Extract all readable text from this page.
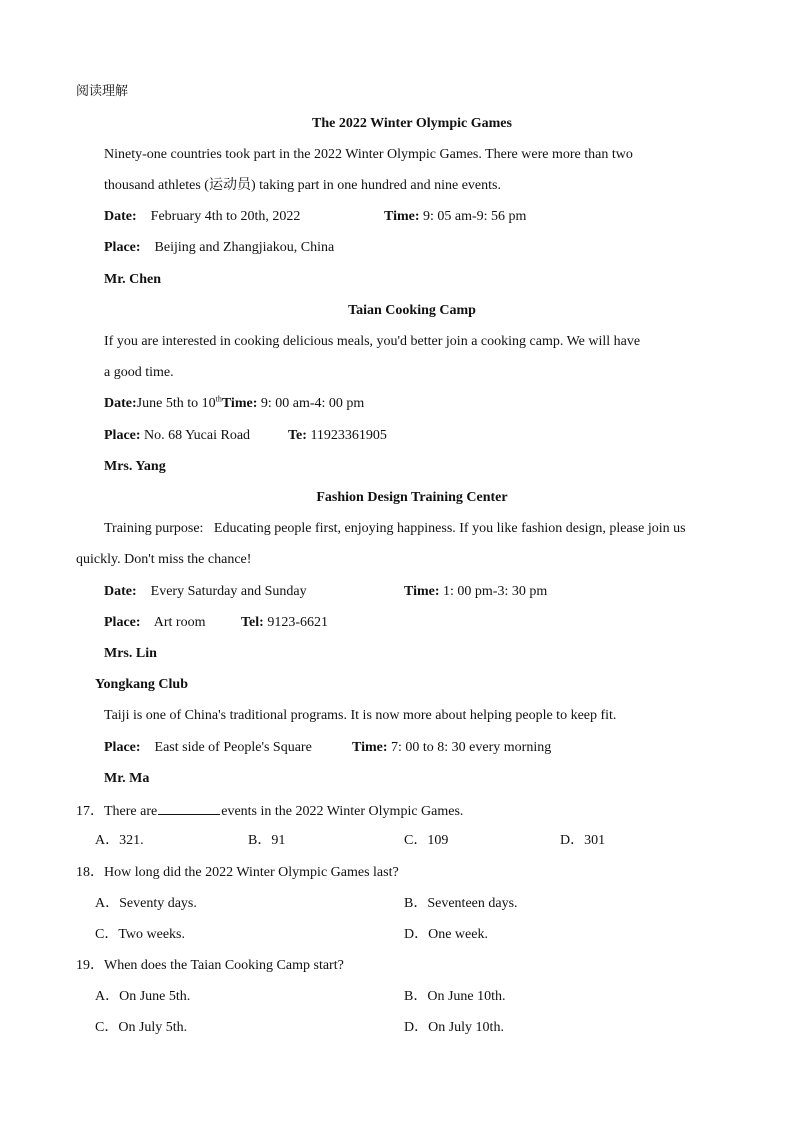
阅读理解
The 2022 Winter Olympic Games
Ninety-one countries took part in the 2022 Winter Olympic Games. There were more than two
thousand athletes (运动员) taking part in one hundred and nine events.
Date: February 4th to 20th, 2022	Time: 9: 05 am-9: 56 pm
Place: Beijing and Zhangjiakou, China
Mr. Chen
Taian Cooking Camp
If you are interested in cooking delicious meals, you'd better join a cooking camp. We will have
a good time.
Date:June 5th to 10thTime: 9: 00 am-4: 00 pm
Place: No. 68 Yucai Road	Te: 11923361905
Mrs. Yang
Fashion Design Training Center
Training purpose:   Educating people first, enjoying happiness. If you like fashion design, please join us
quickly. Don't miss the chance!
Date: Every Saturday and Sunday	Time: 1: 00 pm-3: 30 pm
Place: Art room	Tel: 9123-6621
Mrs. Lin
Yongkang Club
Taiji is one of China's traditional programs. It is now more about helping people to keep fit.
Place: East side of People's Square	Time: 7: 00 to 8: 30 every morning
Mr. Ma
17．There are	events in the 2022 Winter Olympic Games.
A．321.	B．91	C．109	D．301
18．How long did the 2022 Winter Olympic Games last?
A．Seventy days.	B．Seventeen days.
C．Two weeks.	D．One week.
19．When does the Taian Cooking Camp start?
A．On June 5th.	B．On June 10th.
C．On July 5th.	D．On July 10th.
